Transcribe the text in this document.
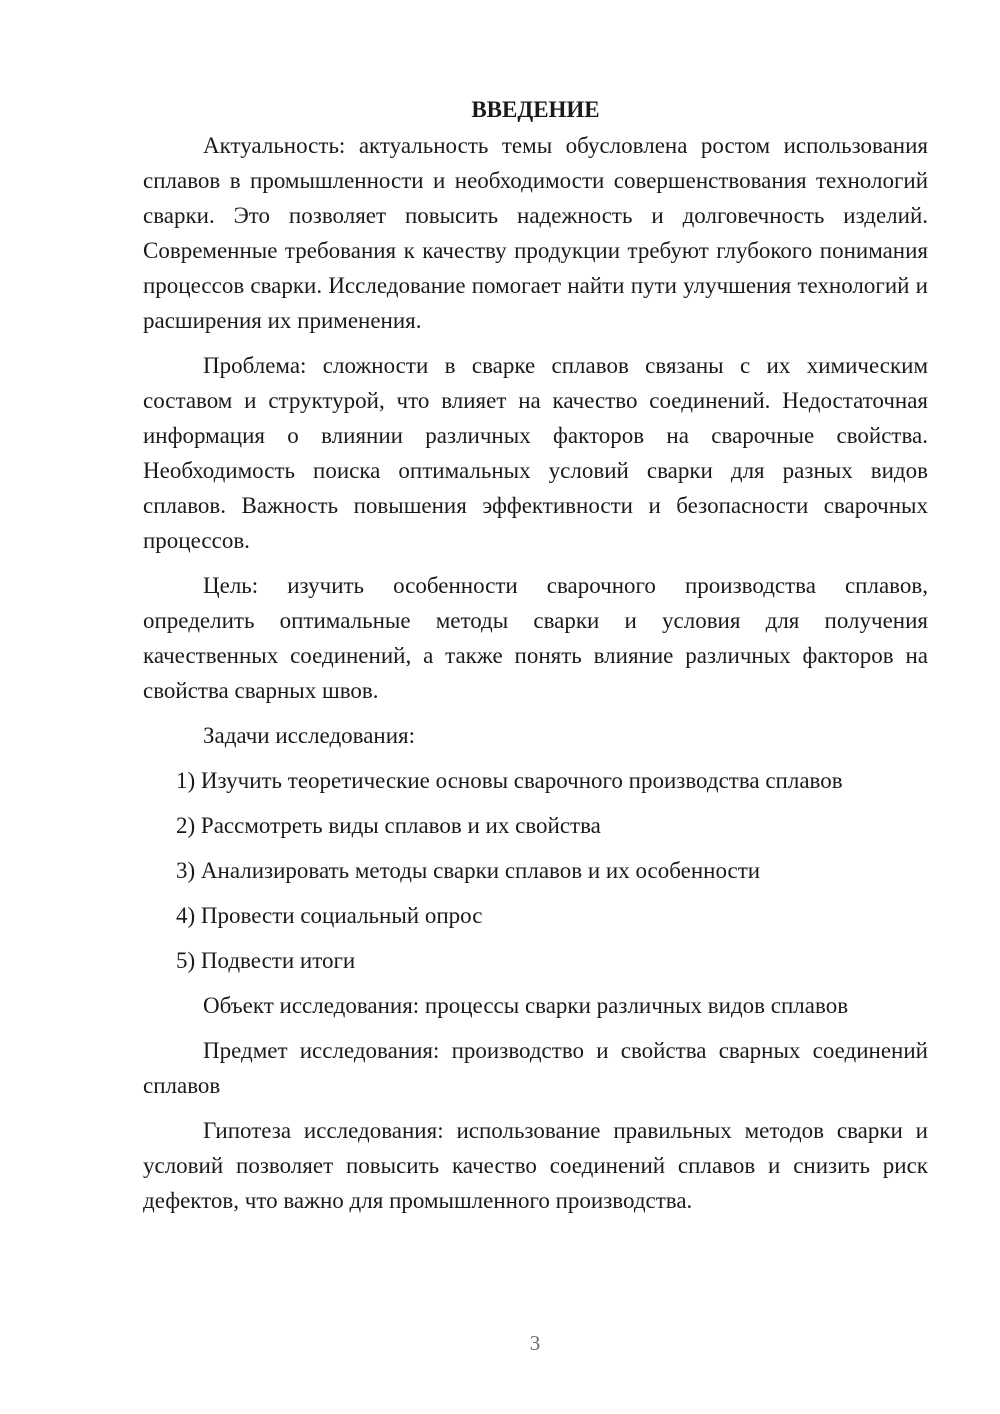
ВВЕДЕНИЕ

Актуальность: актуальность темы обусловлена ростом использования сплавов в промышленности и необходимости совершенствования технологий сварки. Это позволяет повысить надежность и долговечность изделий. Современные требования к качеству продукции требуют глубокого понимания процессов сварки. Исследование помогает найти пути улучшения технологий и расширения их применения.

Проблема: сложности в сварке сплавов связаны с их химическим составом и структурой, что влияет на качество соединений. Недостаточная информация о влиянии различных факторов на сварочные свойства. Необходимость поиска оптимальных условий сварки для разных видов сплавов. Важность повышения эффективности и безопасности сварочных процессов.

Цель: изучить особенности сварочного производства сплавов, определить оптимальные методы сварки и условия для получения качественных соединений, а также понять влияние различных факторов на свойства сварных швов.

Задачи исследования:

1) Изучить теоретические основы сварочного производства сплавов

2) Рассмотреть виды сплавов и их свойства

3) Анализировать методы сварки сплавов и их особенности

4) Провести социальный опрос

5) Подвести итоги

Объект исследования: процессы сварки различных видов сплавов

Предмет исследования: производство и свойства сварных соединений сплавов

Гипотеза исследования: использование правильных методов сварки и условий позволяет повысить качество соединений сплавов и снизить риск дефектов, что важно для промышленного производства.

3
